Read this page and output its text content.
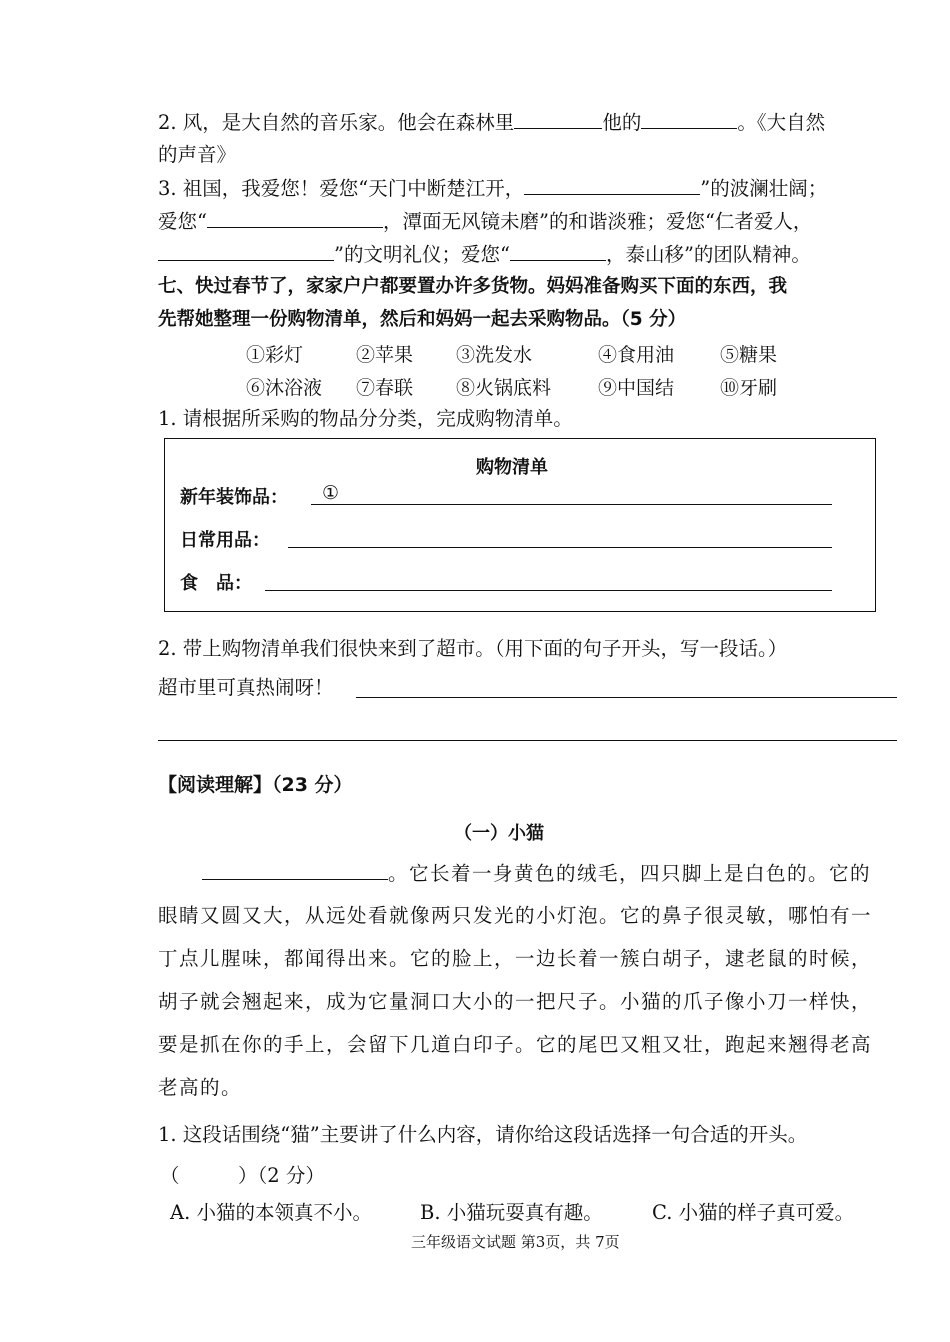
2. 风，是大自然的音乐家。他会在森林里	他的	。《大自然
的声音》
3. 祖国，我爱您！爱您“天门中断楚江开，	”的波澜壮阔；
爱您“	，潭面无风镜未磨”的和谐淡雅；爱您“仁者爱人，
”的文明礼仪；爱您“	，泰山移”的团队精神。
七、快过春节了，家家户户都要置办许多货物。妈妈准备购买下面的东西，我
先帮她整理一份购物清单，然后和妈妈一起去采购物品。（5 分）
①彩灯	②苹果 ③洗发水	④食用油 ⑤糖果
⑥沐浴液 ⑦春联 ⑧火锅底料 ⑨中国结 ⑩牙刷
1. 请根据所采购的物品分分类，完成购物清单。
购物清单
新年装饰品： ①
日常用品：
食　品：
2. 带上购物清单我们很快来到了超市。（用下面的句子开头，写一段话。）
超市里可真热闹呀！
【阅读理解】（23 分）
（一）小猫
。它长着一身黄色的绒毛，四只脚上是白色的。它的
眼睛又圆又大，从远处看就像两只发光的小灯泡。它的鼻子很灵敏，哪怕有一
丁点儿腥味，都闻得出来。它的脸上，一边长着一簇白胡子，逮老鼠的时候，
胡子就会翘起来，成为它量洞口大小的一把尺子。小猫的爪子像小刀一样快，
要是抓在你的手上，会留下几道白印子。它的尾巴又粗又壮，跑起来翘得老高
老高的。
1. 这段话围绕“猫”主要讲了什么内容，请你给这段话选择一句合适的开头。
（　　　）（2 分）
A. 小猫的本领真不小。 B. 小猫玩耍真有趣。	C. 小猫的样子真可爱。
三年级语文试题 第3页，共 7页
